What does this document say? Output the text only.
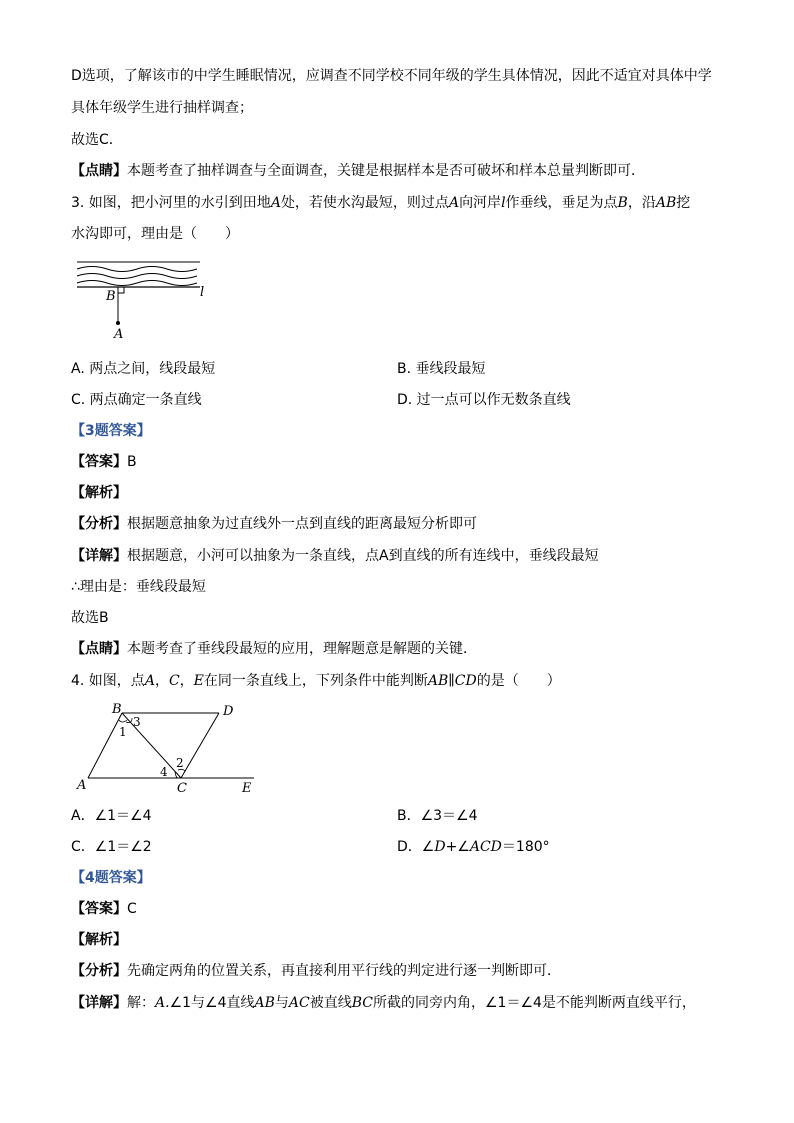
D选项，了解该市的中学生睡眠情况，应调查不同学校不同年级的学生具体情况，因此不适宜对具体中学
具体年级学生进行抽样调查；
故选C．
【点睛】本题考查了抽样调查与全面调查，关键是根据样本是否可破坏和样本总量判断即可．
3. 如图，把小河里的水引到田地A处，若使水沟最短，则过点A向河岸l作垂线，垂足为点B，沿AB挖
水沟即可，理由是（　　）
B
A
l
A. 两点之间，线段最短	B. 垂线段最短
C. 两点确定一条直线	D. 过一点可以作无数条直线
【3题答案】
【答案】B
【解析】
【分析】根据题意抽象为过直线外一点到直线的距离最短分析即可
【详解】根据题意，小河可以抽象为一条直线，点A到直线的所有连线中，垂线段最短
∴理由是：垂线段最短
故选B
【点睛】本题考查了垂线段最短的应用，理解题意是解题的关键．
4. 如图，点A，C，E在同一条直线上，下列条件中能判断AB∥CD的是（　　）
B	D
A	C	E
3
1
2
4
A．∠1＝∠4	B．∠3＝∠4
C．∠1＝∠2	D．∠D+∠ACD＝180°
【4题答案】
【答案】C
【解析】
【分析】先确定两角的位置关系，再直接利用平行线的判定进行逐一判断即可．
【详解】解：A.∠1与∠4直线AB与AC被直线BC所截的同旁内角，∠1＝∠4是不能判断两直线平行，
